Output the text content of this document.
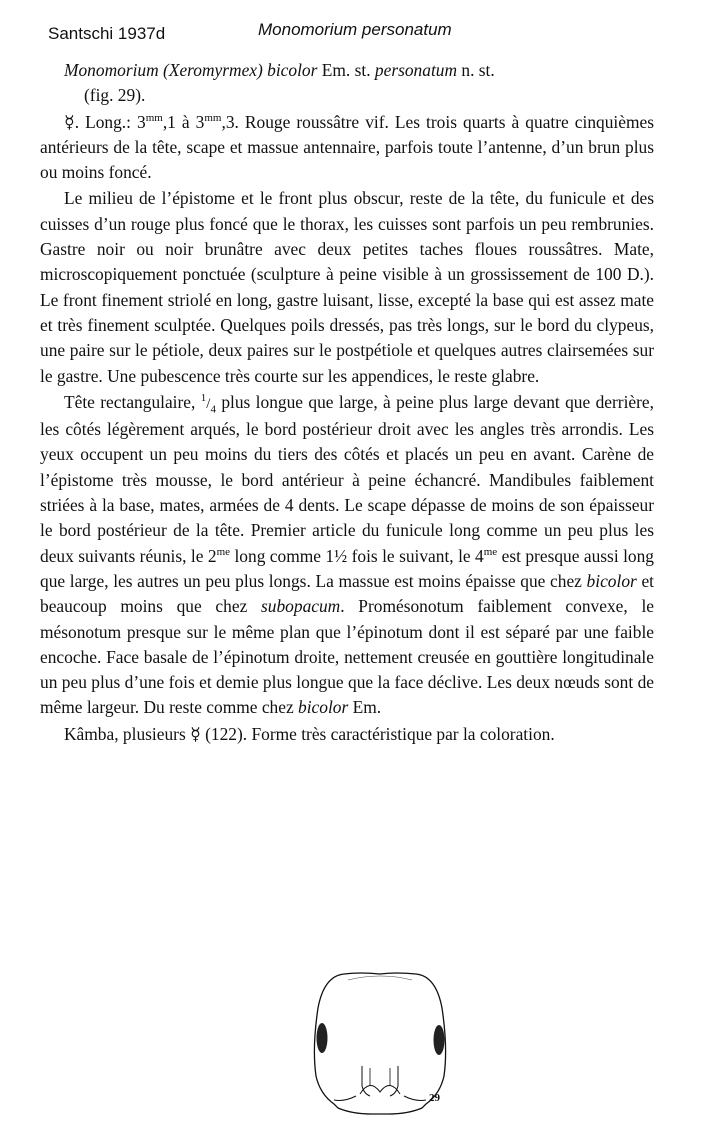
Santschi 1937d	Monomorium personatum

Monomorium (Xeromyrmex) bicolor Em. st. personatum n. st.
(fig. 29).

☿. Long.: $3^{mm},1$ à $3^{mm},3$. Rouge roussâtre vif. Les trois quarts à quatre cinquièmes antérieurs de la tête, scape et massue antennaire, parfois toute l’antenne, d’un brun plus ou moins foncé.

Le milieu de l’épistome et le front plus obscur, reste de la tête, du funicule et des cuisses d’un rouge plus foncé que le thorax, les cuisses sont parfois un peu rembrunies. Gastre noir ou noir brunâtre avec deux petites taches floues roussâtres. Mate, microscopiquement ponctuée (sculpture à peine visible à un grossissement de 100 D.). Le front finement striolé en long, gastre luisant, lisse, excepté la base qui est assez mate et très finement sculptée. Quelques poils dressés, pas très longs, sur le bord du clypeus, une paire sur le pétiole, deux paires sur le postpétiole et quelques autres clairsemées sur le gastre. Une pubescence très courte sur les appendices, le reste glabre.

Tête rectangulaire, $^1/_4$ plus longue que large, à peine plus large devant que derrière, les côtés légèrement arqués, le bord postérieur droit avec les angles très arrondis. Les yeux occupent un peu moins du tiers des côtés et placés un peu en avant. Carène de l’épistome très mousse, le bord antérieur à peine échancré. Mandibules faiblement striées à la base, mates, armées de 4 dents. Le scape dépasse de moins de son épaisseur le bord postérieur de la tête. Premier article du funicule long comme un peu plus les deux suivants réunis, le $2^{me}$ long comme 1½ fois le suivant, le $4^{me}$ est presque aussi long que large, les autres un peu plus longs. La massue est moins épaisse que chez bicolor et beaucoup moins que chez subopacum. Promésonotum faiblement convexe, le mésonotum presque sur le même plan que l’épinotum dont il est séparé par une faible encoche. Face basale de l’épinotum droite, nettement creusée en gouttière longitudinale un peu plus d’une fois et demie plus longue que la face déclive. Les deux nœuds sont de même largeur. Du reste comme chez bicolor Em.

Kâmba, plusieurs ☿ (122). Forme très caractéristique par la coloration.

29
